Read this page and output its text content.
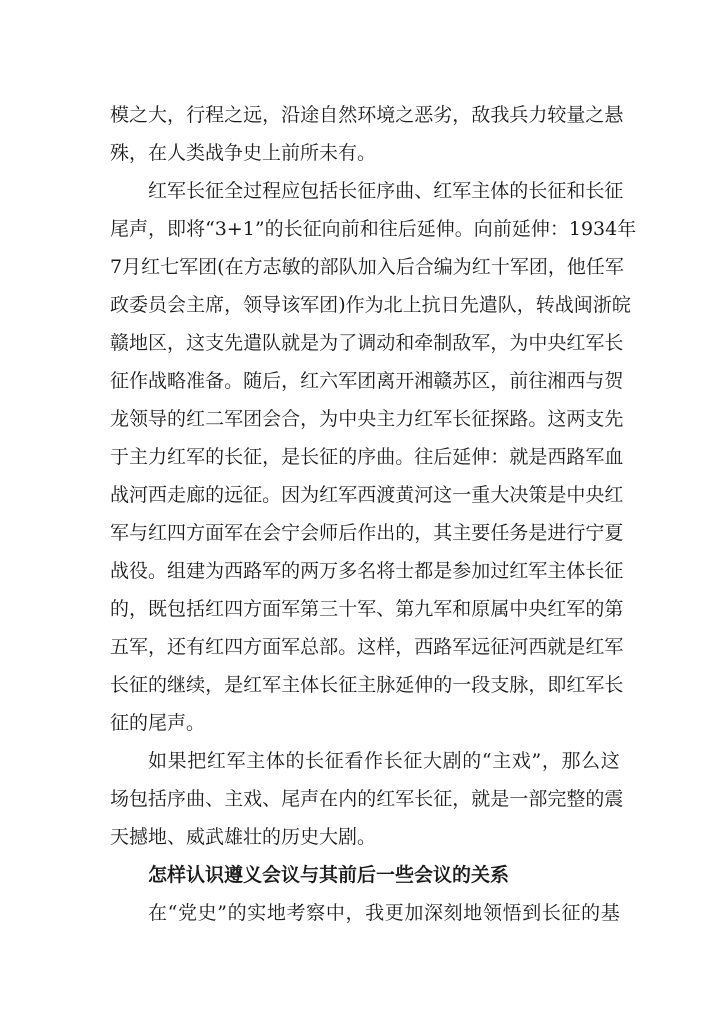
模 之 大 ， 行 程 之 远 ， 沿 途 自 然 环 境 之 恶 劣 ， 敌 我 兵 力 较 量 之 悬
殊，在人类战争史上前所未有。
红 军 长 征 全 过 程 应 包 括 长 征 序 曲 、 红 军 主 体 的 长 征 和 长 征
尾 声 ， 即 将 “ 3+1 ” 的 长 征 向 前 和 往 后 延 伸 。 向 前 延 伸 ： 1934 年
7 月 红 七 军 团 ( 在 方 志 敏 的 部 队 加 入 后 合 编 为 红 十 军 团 ， 他 任 军
政 委 员 会 主 席 ， 领 导 该 军 团 ) 作 为 北 上 抗 日 先 遣 队 ， 转 战 闽 浙 皖
赣 地 区 ， 这 支 先 遣 队 就 是 为 了 调 动 和 牵 制 敌 军 ， 为 中 央 红 军 长
征 作 战 略 准 备 。 随 后 ， 红 六 军 团 离 开 湘 赣 苏 区 ， 前 往 湘 西 与 贺
龙 领 导 的 红 二 军 团 会 合 ， 为 中 央 主 力 红 军 长 征 探 路 。 这 两 支 先
于 主 力 红 军 的 长 征 ， 是 长 征 的 序 曲 。 往 后 延 伸 ： 就 是 西 路 军 血
战 河 西 走 廊 的 远 征 。 因 为 红 军 西 渡 黄 河 这 一 重 大 决 策 是 中 央 红
军 与 红 四 方 面 军 在 会 宁 会 师 后 作 出 的 ， 其 主 要 任 务 是 进 行 宁 夏
战 役 。 组 建 为 西 路 军 的 两 万 多 名 将 士 都 是 参 加 过 红 军 主 体 长 征
的 ， 既 包 括 红 四 方 面 军 第 三 十 军 、 第 九 军 和 原 属 中 央 红 军 的 第
五 军 ， 还 有 红 四 方 面 军 总 部 。 这 样 ， 西 路 军 远 征 河 西 就 是 红 军
长 征 的 继 续 ， 是 红 军 主 体 长 征 主 脉 延 伸 的 一 段 支 脉 ， 即 红 军 长
征的尾声。
如 果 把 红 军 主 体 的 长 征 看 作 长 征 大 剧 的 “ 主 戏 ” ， 那 么 这
场 包 括 序 曲 、 主 戏 、 尾 声 在 内 的 红 军 长 征 ， 就 是 一 部 完 整 的 震
天撼地、威武雄壮的历史大剧。
怎样认识遵义会议与其前后一些会议的关系
在 “ 党 史 ” 的 实 地 考 察 中 ， 我 更 加 深 刻 地 领 悟 到 长 征 的 基
